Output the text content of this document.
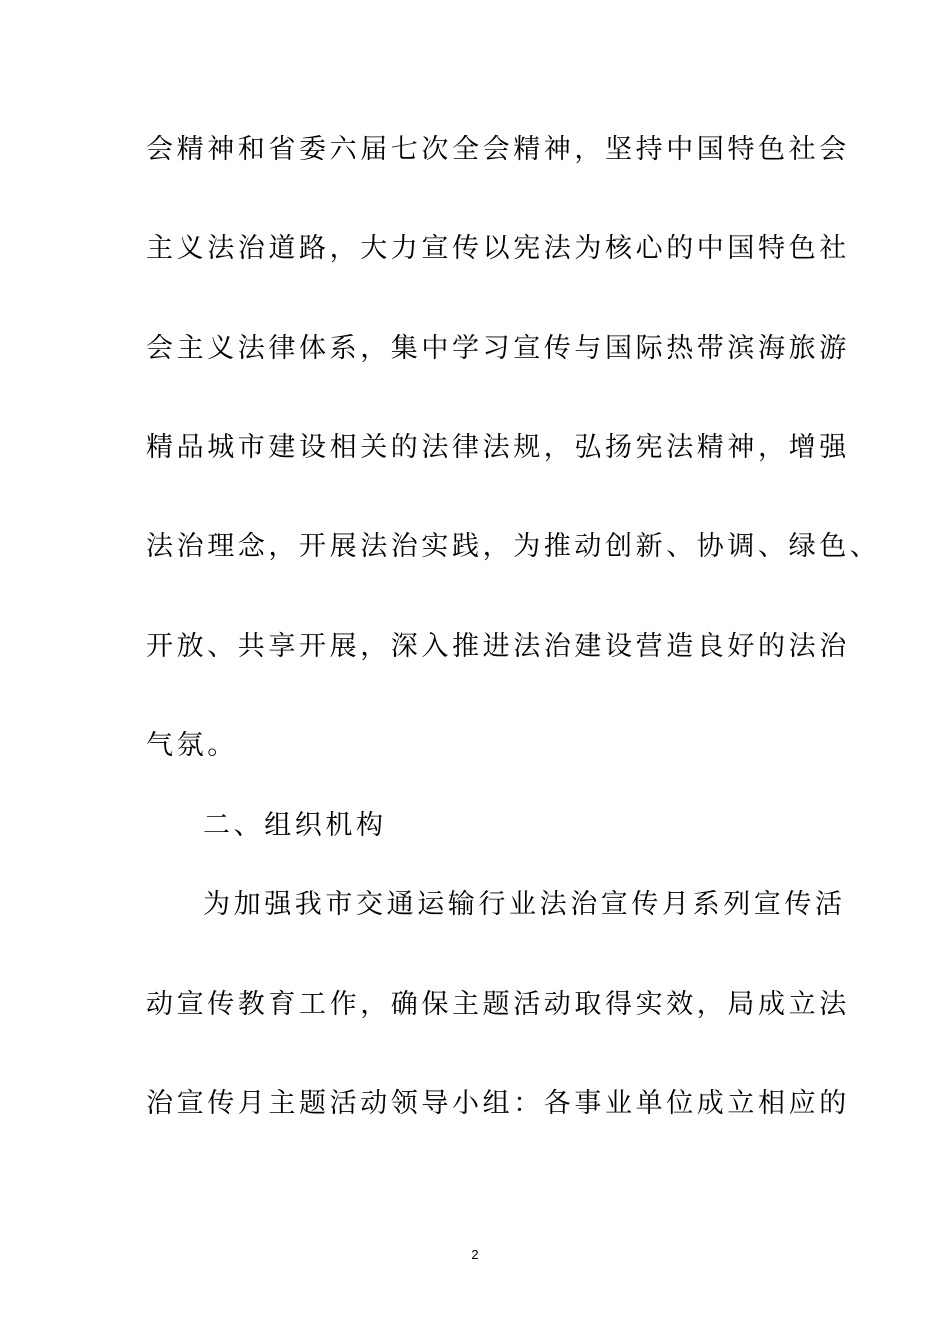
会精神和省委六届七次全会精神，坚持中国特色社会
主义法治道路，大力宣传以宪法为核心的中国特色社
会主义法律体系，集中学习宣传与国际热带滨海旅游
精品城市建设相关的法律法规，弘扬宪法精神，增强
法治理念，开展法治实践，为推动创新、协调、绿色、
开放、共享开展，深入推进法治建设营造良好的法治
气氛。
二、组织机构
为加强我市交通运输行业法治宣传月系列宣传活
动宣传教育工作，确保主题活动取得实效，局成立法
治宣传月主题活动领导小组：各事业单位成立相应的
2
